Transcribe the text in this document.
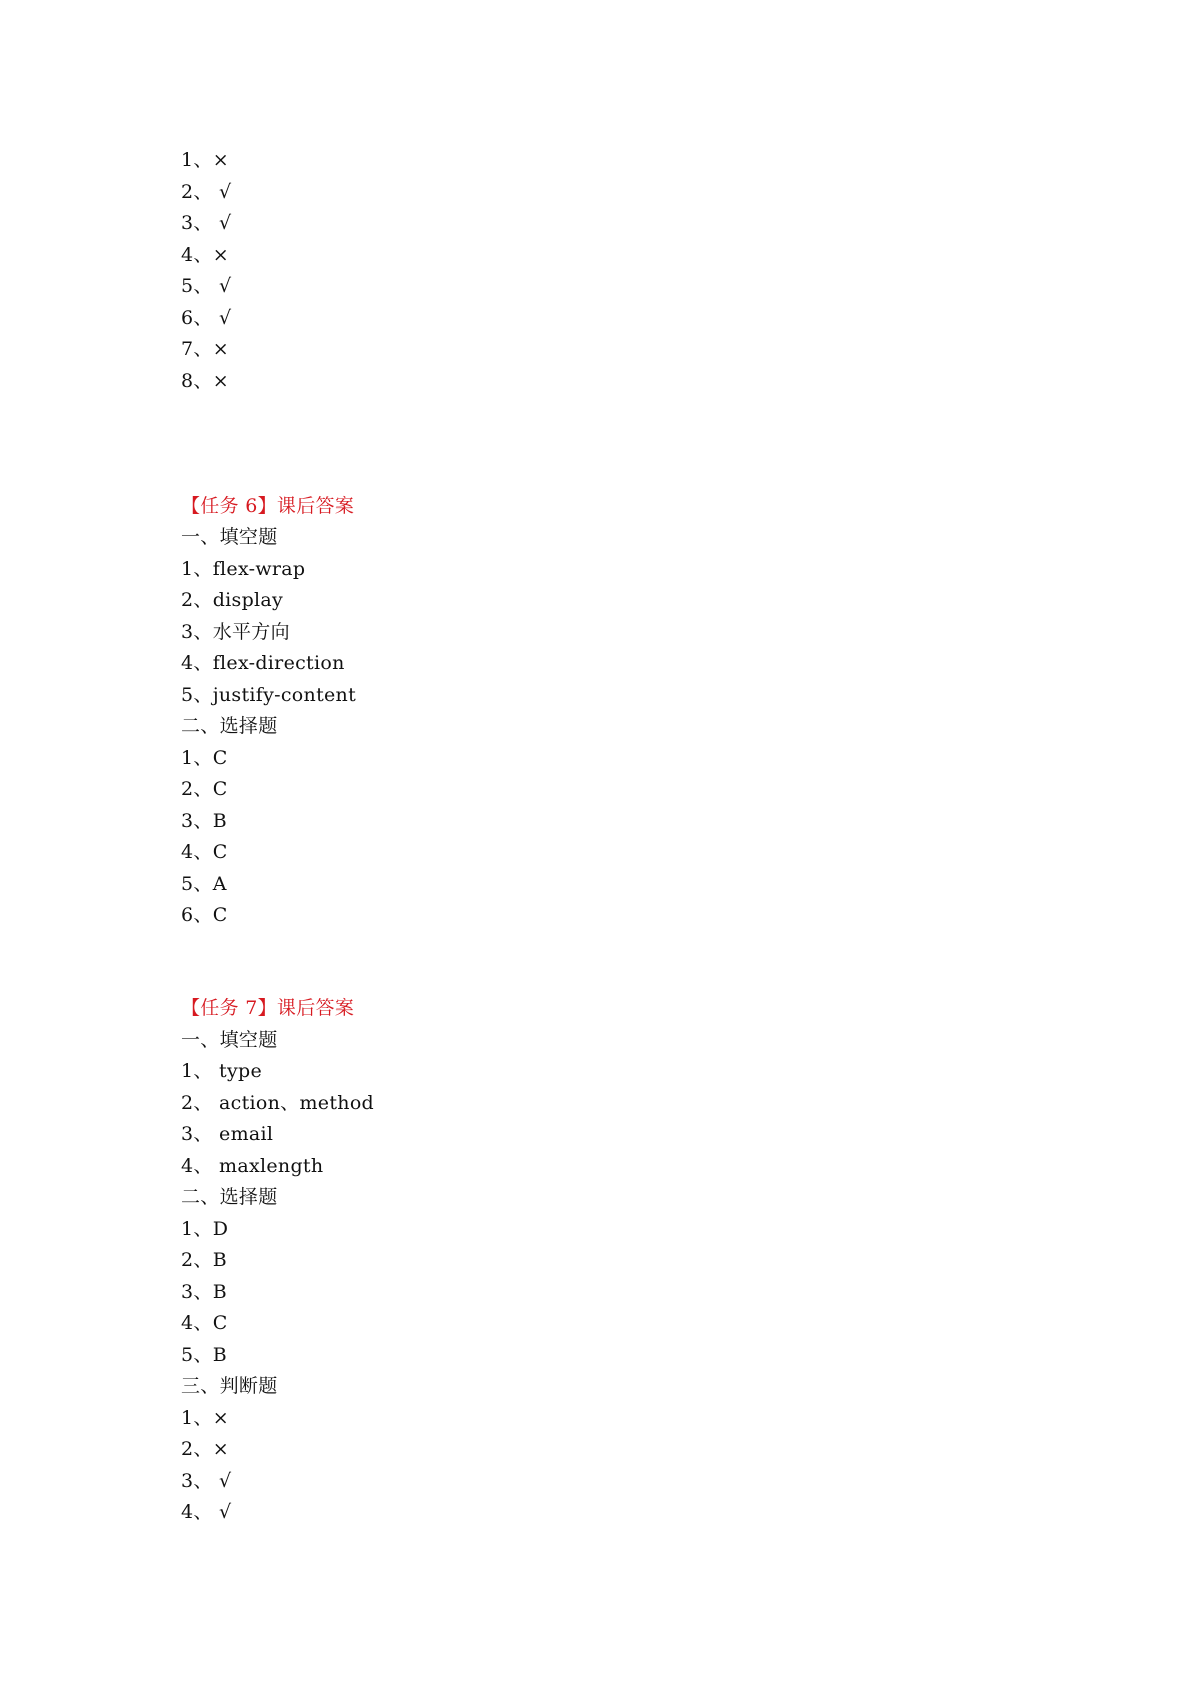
1、×
2、 √
3、 √
4、×
5、 √
6、 √
7、×
8、×
【任务 6】课后答案
一、填空题
1、flex-wrap
2、display
3、水平方向
4、flex-direction
5、justify-content
二、选择题
1、C
2、C
3、B
4、C
5、A
6、C
【任务 7】课后答案
一、填空题
1、 type
2、 action、method
3、 email
4、 maxlength
二、选择题
1、D
2、B
3、B
4、C
5、B
三、判断题
1、×
2、×
3、 √
4、 √
